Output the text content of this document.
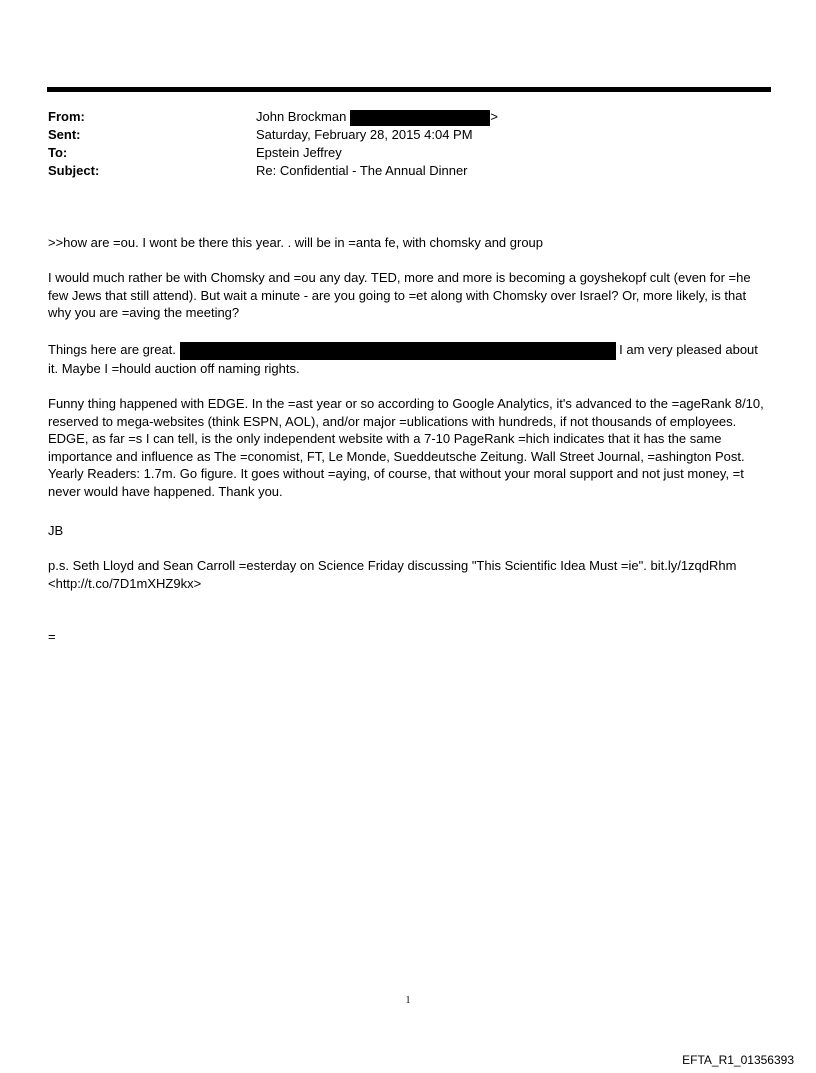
From:	John Brockman	>
Sent:	Saturday, February 28, 2015 4:04 PM
To:	Epstein Jeffrey
Subject:	Re: Confidential - The Annual Dinner

>>how are =ou. I wont be there this year. . will be in =anta fe, with chomsky and group

I would much rather be with Chomsky and =ou any day. TED, more and more is becoming a goyshekopf cult (even for =he few Jews that still attend). But wait a minute - are you going to =et along with Chomsky over Israel? Or, more likely, is that why you are =aving the meeting?

Things here are great.	I am very pleased about

it. Maybe I =hould auction off naming rights.

Funny thing happened with EDGE. In the =ast year or so according to Google Analytics, it's advanced to the =ageRank 8/10, reserved to mega-websites (think ESPN, AOL), and/or major =ublications with hundreds, if not thousands of employees. EDGE, as far =s I can tell, is the only independent website with a 7-10 PageRank =hich indicates that it has the same importance and influence as The =conomist, FT, Le Monde, Sueddeutsche Zeitung. Wall Street Journal, =ashington Post. Yearly Readers: 1.7m. Go figure. It goes without =aying, of course, that without your moral support and not just money, =t never would have happened. Thank you.

JB

p.s. Seth Lloyd and Sean Carroll =esterday on Science Friday discussing "This Scientific Idea Must =ie". bit.ly/1zqdRhm <http://t.co/7D1mXHZ9kx>

=

1
EFTA_R1_01356393
